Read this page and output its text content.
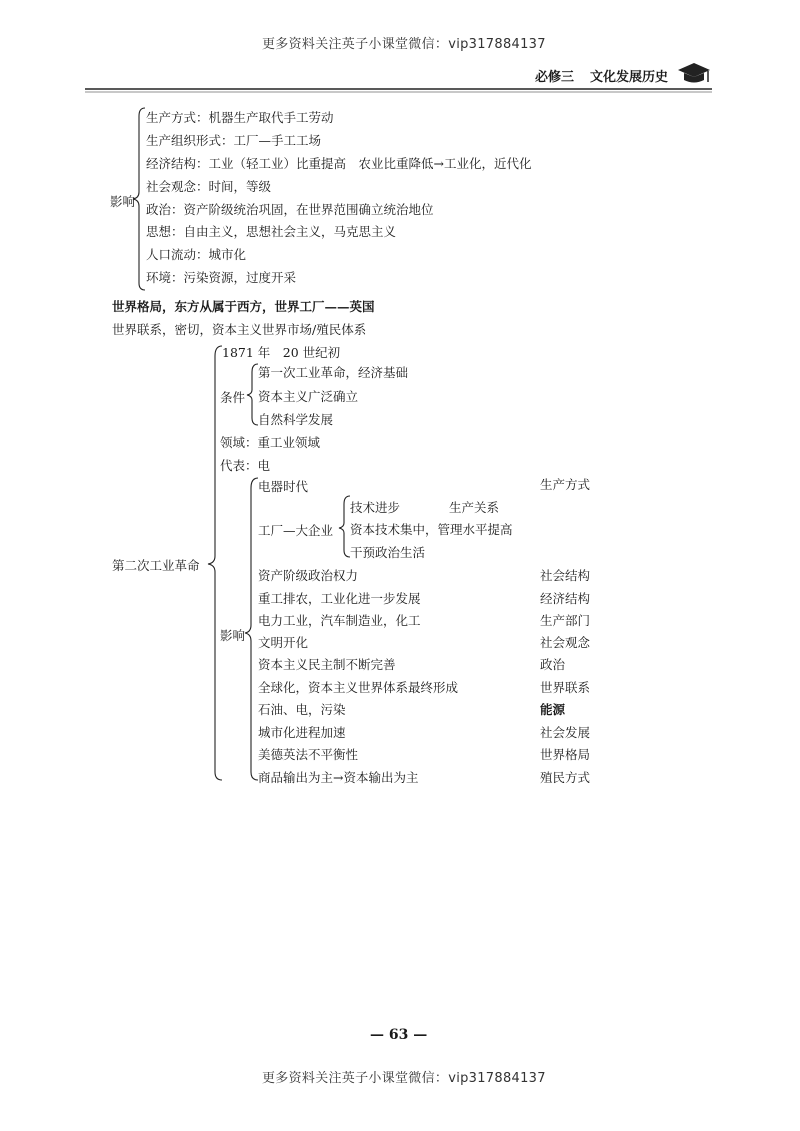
更多资料关注英子小课堂微信：vip317884137
更多资料关注英子小课堂微信：vip317884137
必修三 文化发展历史
影响
生产方式：机器生产取代手工劳动
生产组织形式：工厂—手工工场
经济结构：工业（轻工业）比重提高　农业比重降低→工业化，近代化
社会观念：时间，等级
政治：资产阶级统治巩固，在世界范围确立统治地位
思想：自由主义，思想社会主义，马克思主义
人口流动：城市化
环境：污染资源，过度开采
世界格局，东方从属于西方，世界工厂——英国
世界联系，密切，资本主义世界市场/殖民体系
第二次工业革命
1871 年　20 世纪初
条件
第一次工业革命，经济基础
资本主义广泛确立
自然科学发展
领域：重工业领域
代表：电
电器时代	生产方式
工厂—大企业
技术进步	生产关系
资本技术集中，管理水平提高
干预政治生活
影响
资产阶级政治权力	社会结构
重工排农，工业化进一步发展	经济结构
电力工业，汽车制造业，化工	生产部门
文明开化	社会观念
资本主义民主制不断完善	政治
全球化，资本主义世界体系最终形成	世界联系
石油、电，污染	能源
城市化进程加速	社会发展
美德英法不平衡性	世界格局
商品输出为主→资本输出为主	殖民方式
— 63 —
